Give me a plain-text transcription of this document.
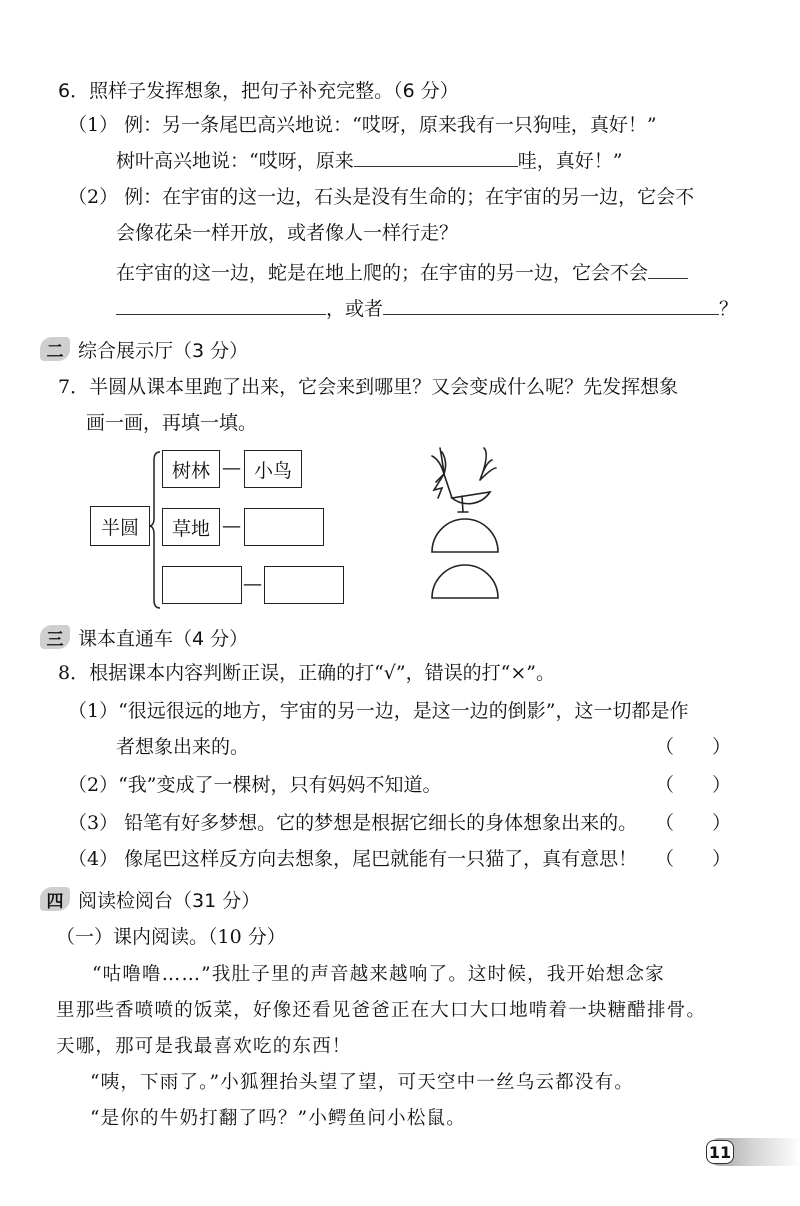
6．照样子发挥想象，把句子补充完整。（6 分）
（1） 例：另一条尾巴高兴地说：“哎呀，原来我有一只狗哇，真好！”
树叶高兴地说：“哎呀，原来	哇，真好！”
（2） 例：在宇宙的这一边，石头是没有生命的；在宇宙的另一边，它会不
会像花朵一样开放，或者像人一样行走？
在宇宙的这一边，蛇是在地上爬的；在宇宙的另一边，它会不会
，或者	？
二 综合展示厅（3 分）
7．半圆从课本里跑了出来，它会来到哪里？又会变成什么呢？先发挥想象
画一画，再填一填。
半圆
树林 — 小鸟
草地 —
—
三 课本直通车（4 分）
8．根据课本内容判断正误，正确的打“√”，错误的打“×”。
（1）“很远很远的地方，宇宙的另一边，是这一边的倒影”，这一切都是作
者想象出来的。	（　　）
（2）“我”变成了一棵树，只有妈妈不知道。	（　　）
（3） 铅笔有好多梦想。它的梦想是根据它细长的身体想象出来的。 （　　）
（4） 像尾巴这样反方向去想象，尾巴就能有一只猫了，真有意思！ （　　）
四 阅读检阅台（31 分）
（一）课内阅读。（10 分）
“咕噜噜……”我肚子里的声音越来越响了。这时候，我开始想念家
里那些香喷喷的饭菜，好像还看见爸爸正在大口大口地啃着一块糖醋排骨。
天哪，那可是我最喜欢吃的东西！
“咦，下雨了。”小狐狸抬头望了望，可天空中一丝乌云都没有。
“是你的牛奶打翻了吗？”小鳄鱼问小松鼠。
11
